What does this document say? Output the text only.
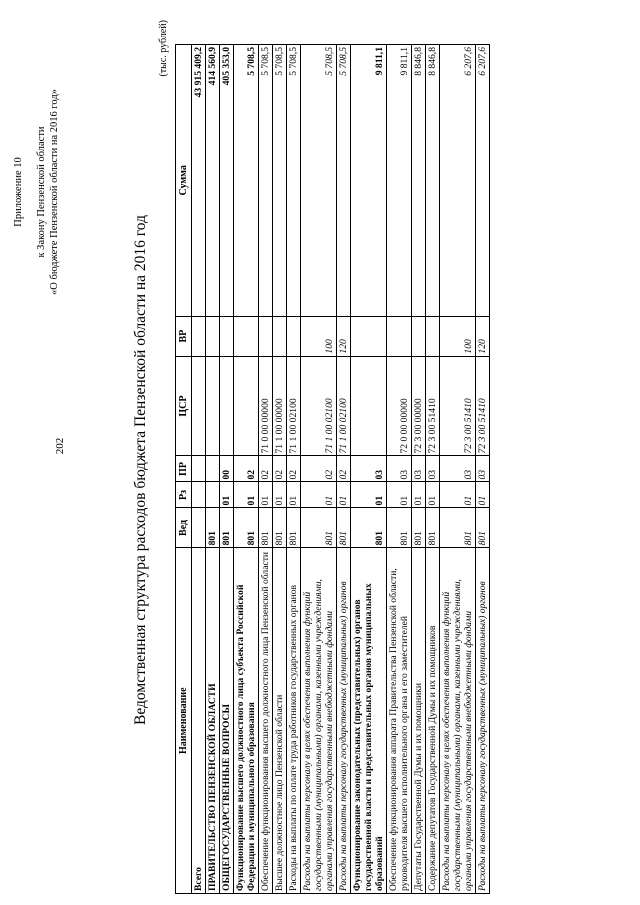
202

Приложение 10 к Закону Пензенской области «О бюджете Пензенской области на 2016 год»

Ведомственная структура расходов бюджета Пензенской области на 2016 год
(тыс. рублей)
Наименование	Вед	Рз	ПР	ЦСР	ВР	Сумма
Всего						43 915 409,2
ПРАВИТЕЛЬСТВО ПЕНЗЕНСКОЙ ОБЛАСТИ	801					414 560,9
ОБЩЕГОСУДАРСТВЕННЫЕ ВОПРОСЫ	801	01	00			405 353,0
Функционирование высшего должностного лица субъекта Российской Федерации и муниципального образования	801	01	02			5 708,5
Обеспечение функционирования высшего должностного лица Пензенской области	801	01	02	71 0 00 00000		5 708,5
Высшее должностное лицо Пензенской области	801	01	02	71 1 00 00000		5 708,5
Расходы на выплаты по оплате труда работников государственных органов	801	01	02	71 1 00 02100		5 708,5
Расходы на выплаты персоналу в целях обеспечения выполнения функций государственными (муниципальными) органами, казенными учреждениями, органами управления государственными внебюджетными фондами	801	01	02	71 1 00 02100	100	5 708,5
Расходы на выплаты персоналу государственных (муниципальных) органов	801	01	02	71 1 00 02100	120	5 708,5
Функционирование законодательных (представительных) органов государственной власти и представительных органов муниципальных образований	801	01	03			9 811,1
Обеспечение функционирования аппарата Правительства Пензенской области, руководителя высшего исполнительного органа и его заместителей	801	01	03	72 0 00 00000		9 811,1
Депутаты Государственной Думы и их помощники	801	01	03	72 3 00 00000		8 846,8
Содержание депутатов Государственной Думы и их помощников	801	01	03	72 3 00 51410		8 846,8
Расходы на выплаты персоналу в целях обеспечения выполнения функций государственными (муниципальными) органами, казенными учреждениями, органами управления государственными внебюджетными фондами	801	01	03	72 3 00 51410	100	6 207,6
Расходы на выплаты персоналу государственных (муниципальных) органов	801	01	03	72 3 00 51410	120	6 207,6
